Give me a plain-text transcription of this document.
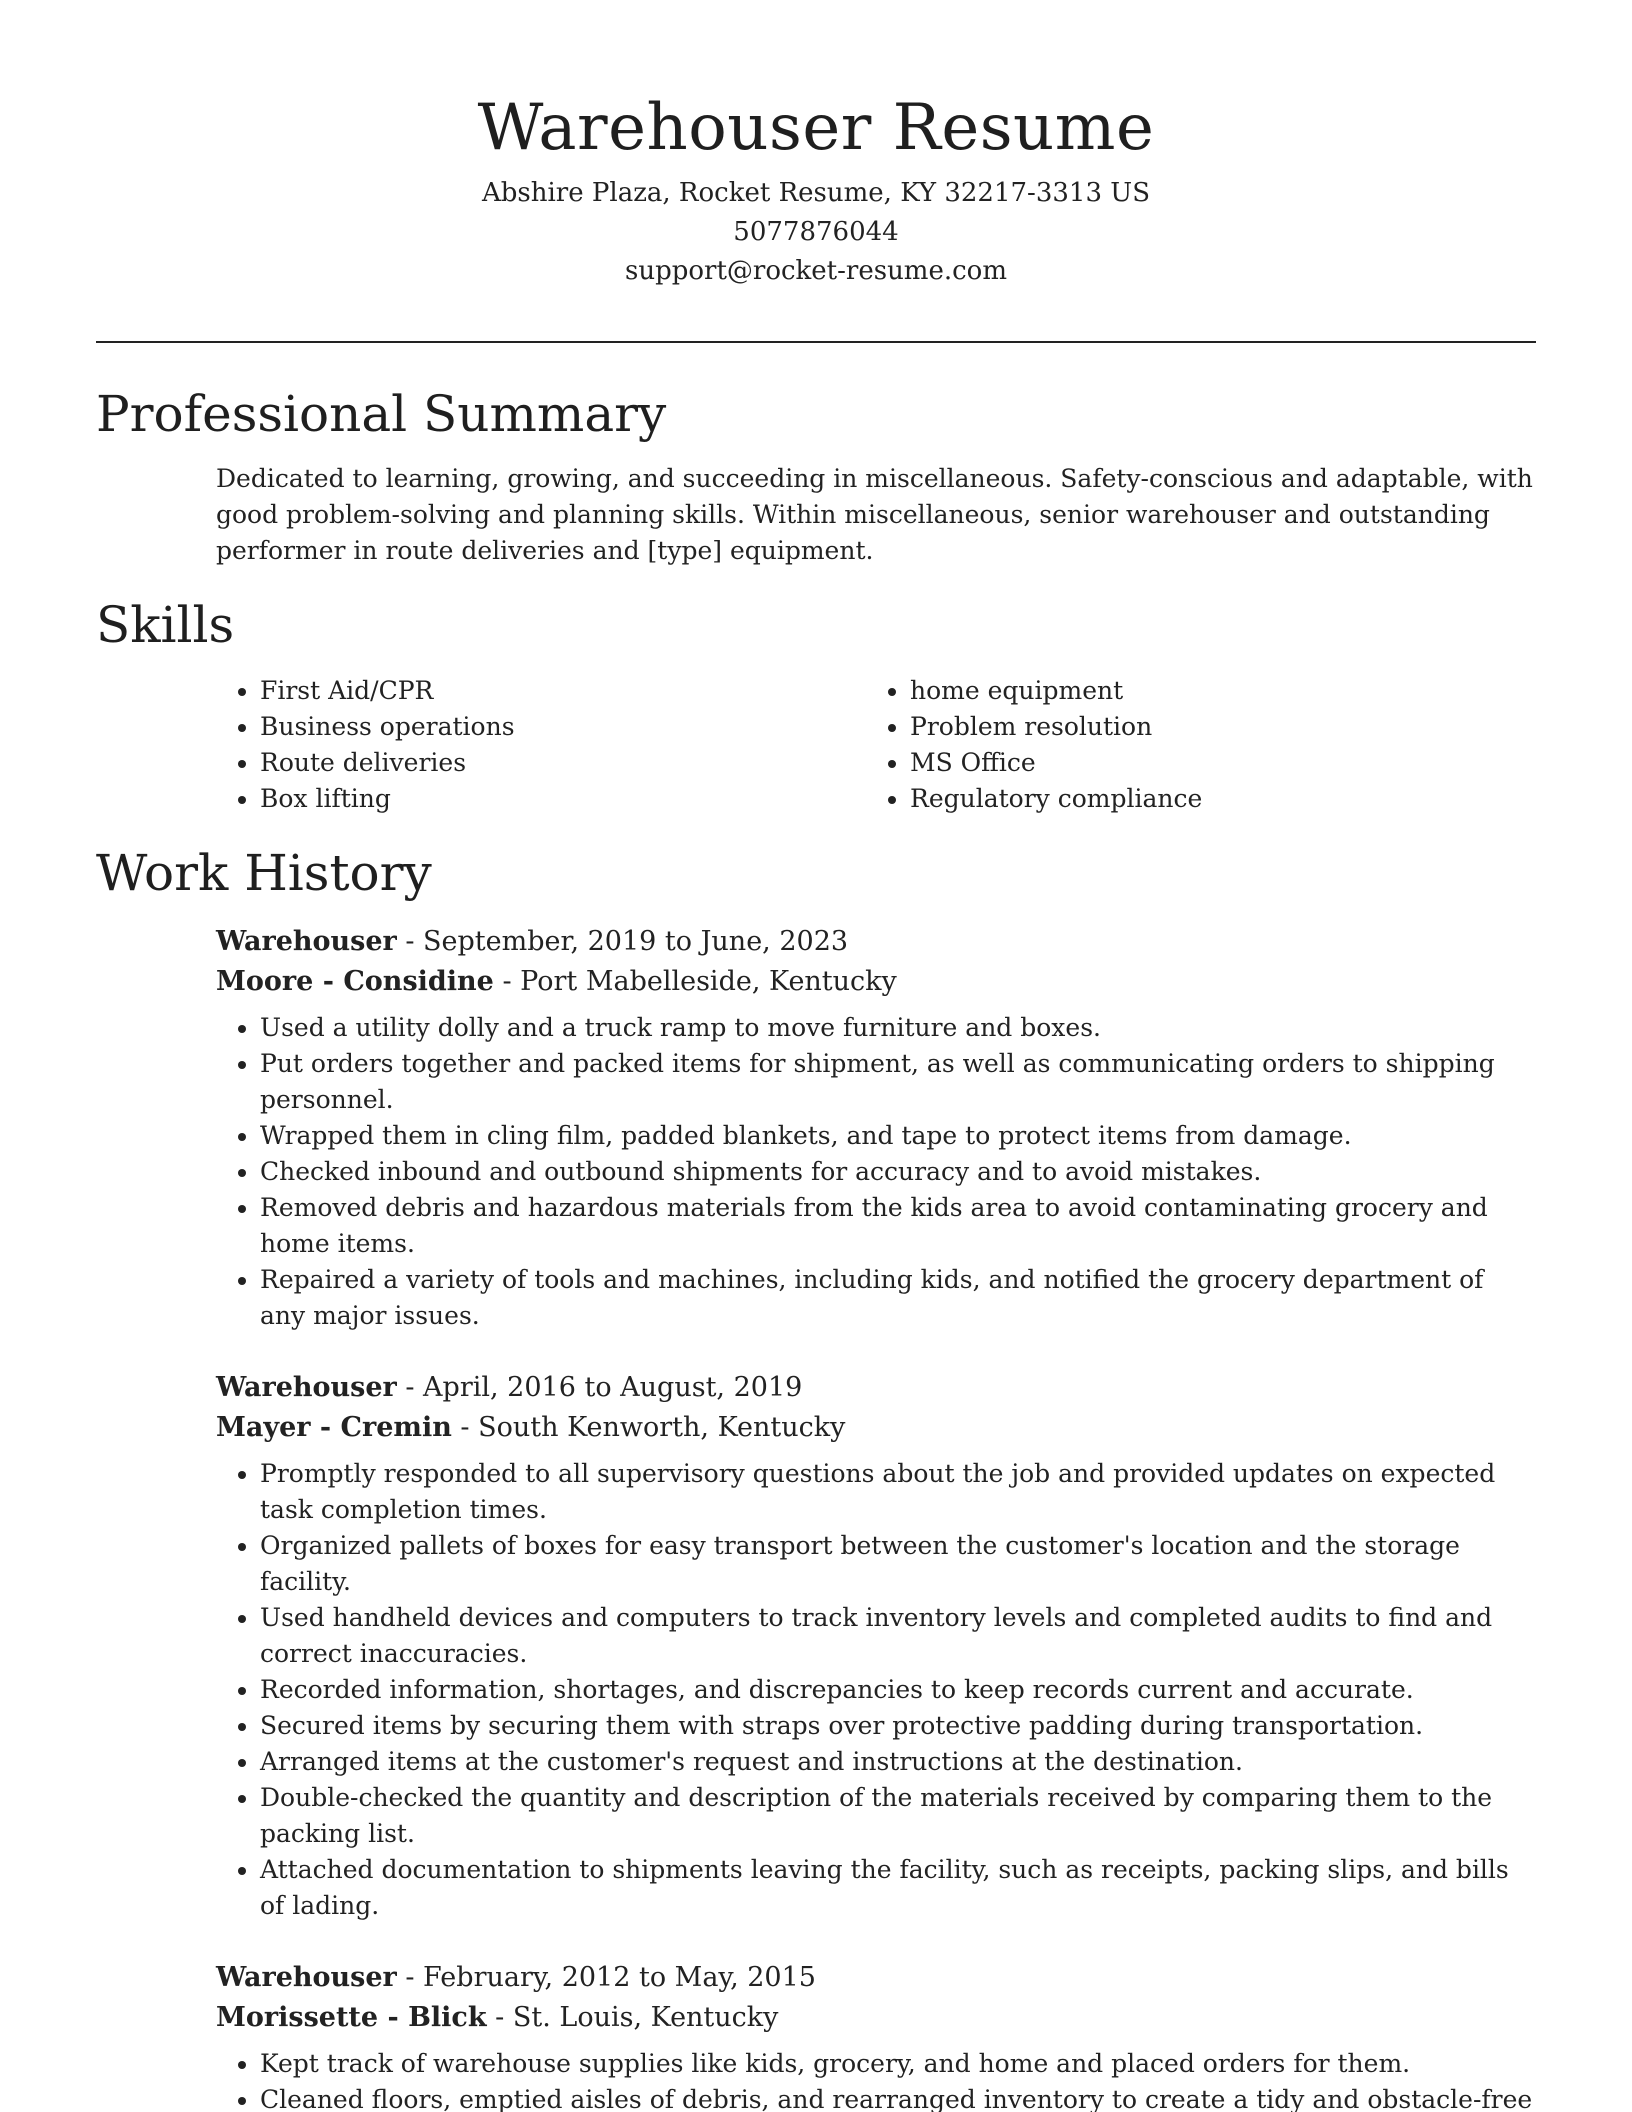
Warehouser Resume
Abshire Plaza, Rocket Resume, KY 32217-3313 US
5077876044
support@rocket-resume.com
Professional Summary

Dedicated to learning, growing, and succeeding in miscellaneous. Safety-conscious and adaptable, with good problem-solving and planning skills. Within miscellaneous, senior warehouser and outstanding performer in route deliveries and [type] equipment.

Skills
• First Aid/CPR
• Business operations
• Route deliveries
• Box lifting
• home equipment
• Problem resolution
• MS Office
• Regulatory compliance
Work History

Warehouser - September, 2019 to June, 2023

Moore - Considine - Port Mabelleside, Kentucky

• Used a utility dolly and a truck ramp to move furniture and boxes.
• Put orders together and packed items for shipment, as well as communicating orders to shipping personnel.
• Wrapped them in cling film, padded blankets, and tape to protect items from damage.
• Checked inbound and outbound shipments for accuracy and to avoid mistakes.
• Removed debris and hazardous materials from the kids area to avoid contaminating grocery and home items.
• Repaired a variety of tools and machines, including kids, and notified the grocery department of any major issues.

Warehouser - April, 2016 to August, 2019

Mayer - Cremin - South Kenworth, Kentucky

• Promptly responded to all supervisory questions about the job and provided updates on expected task completion times.
• Organized pallets of boxes for easy transport between the customer's location and the storage facility.
• Used handheld devices and computers to track inventory levels and completed audits to find and correct inaccuracies.
• Recorded information, shortages, and discrepancies to keep records current and accurate.
• Secured items by securing them with straps over protective padding during transportation.
• Arranged items at the customer's request and instructions at the destination.
• Double-checked the quantity and description of the materials received by comparing them to the packing list.
• Attached documentation to shipments leaving the facility, such as receipts, packing slips, and bills of lading.

Warehouser - February, 2012 to May, 2015

Morissette - Blick - St. Louis, Kentucky

• Kept track of warehouse supplies like kids, grocery, and home and placed orders for them.
• Cleaned floors, emptied aisles of debris, and rearranged inventory to create a tidy and obstacle-free
